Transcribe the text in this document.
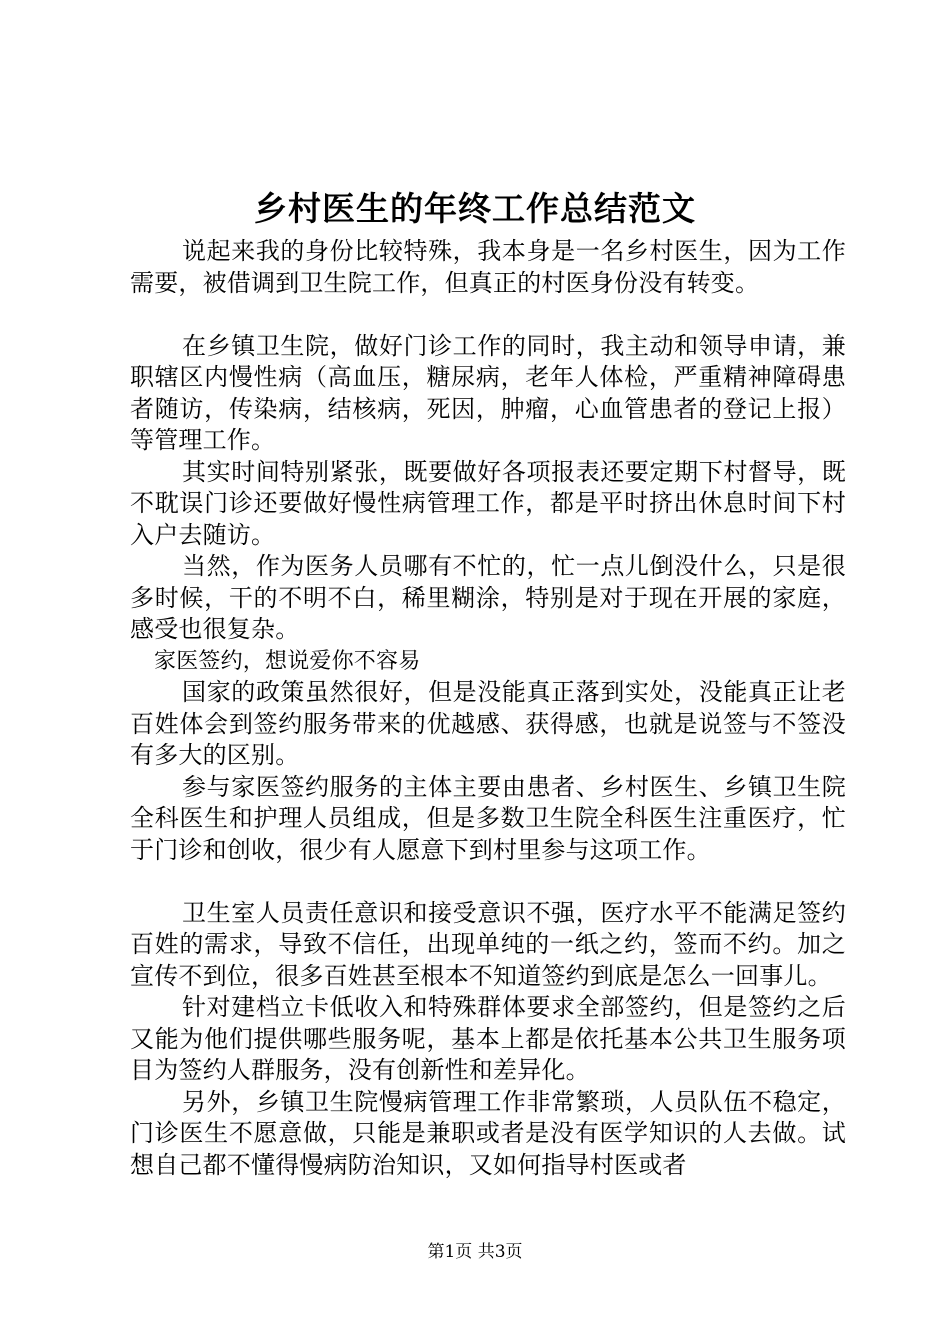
乡村医生的年终工作总结范文

说起来我的身份比较特殊，我本身是一名乡村医生，因为工作需要，被借调到卫生院工作，但真正的村医身份没有转变。

在乡镇卫生院，做好门诊工作的同时，我主动和领导申请，兼职辖区内慢性病（高血压，糖尿病，老年人体检，严重精神障碍患者随访，传染病，结核病，死因，肿瘤，心血管患者的登记上报）等管理工作。

其实时间特别紧张，既要做好各项报表还要定期下村督导，既不耽误门诊还要做好慢性病管理工作，都是平时挤出休息时间下村入户去随访。

当然，作为医务人员哪有不忙的，忙一点儿倒没什么，只是很多时候，干的不明不白，稀里糊涂，特别是对于现在开展的家庭，感受也很复杂。

家医签约，想说爱你不容易

国家的政策虽然很好，但是没能真正落到实处，没能真正让老百姓体会到签约服务带来的优越感、获得感，也就是说签与不签没有多大的区别。

参与家医签约服务的主体主要由患者、乡村医生、乡镇卫生院全科医生和护理人员组成，但是多数卫生院全科医生注重医疗，忙于门诊和创收，很少有人愿意下到村里参与这项工作。

卫生室人员责任意识和接受意识不强，医疗水平不能满足签约百姓的需求，导致不信任，出现单纯的一纸之约，签而不约。加之宣传不到位，很多百姓甚至根本不知道签约到底是怎么一回事儿。

针对建档立卡低收入和特殊群体要求全部签约，但是签约之后又能为他们提供哪些服务呢，基本上都是依托基本公共卫生服务项目为签约人群服务，没有创新性和差异化。

另外，乡镇卫生院慢病管理工作非常繁琐，人员队伍不稳定，门诊医生不愿意做，只能是兼职或者是没有医学知识的人去做。试想自己都不懂得慢病防治知识，又如何指导村医或者

第1页 共3页
